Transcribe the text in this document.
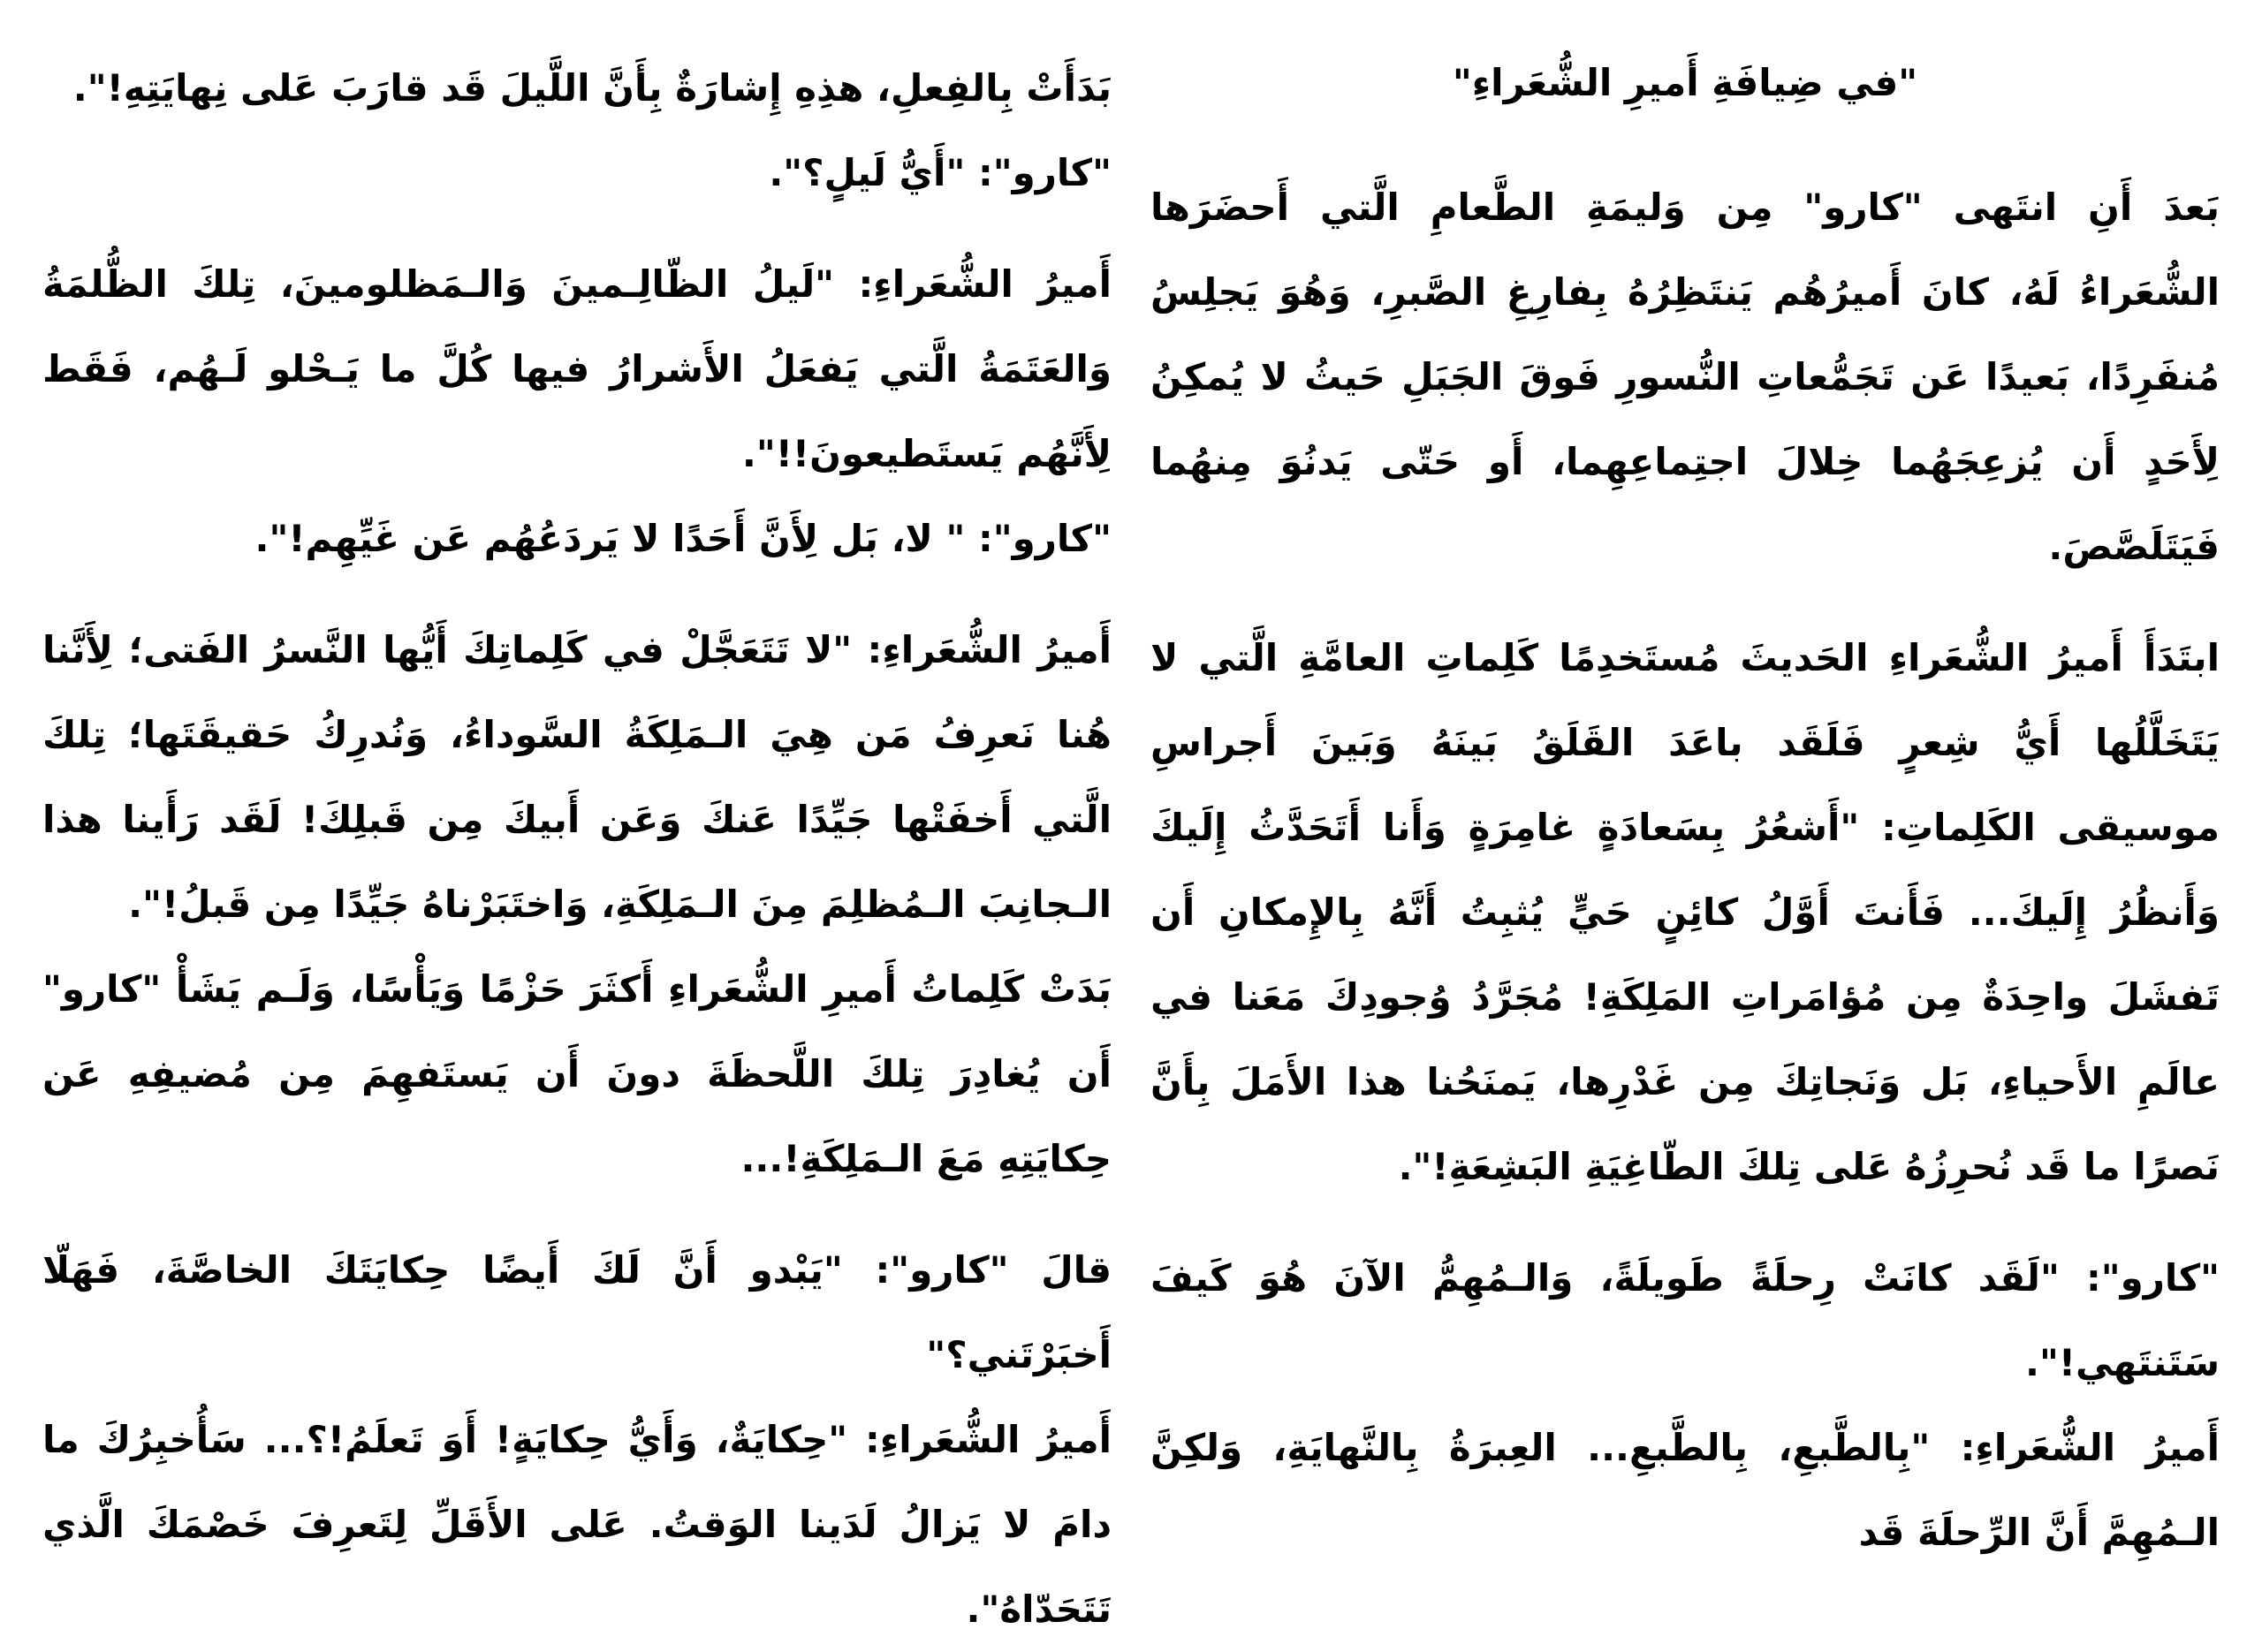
"في ضِيافَةِ أَميرِ الشُّعَراءِ"

بَعدَ أَنِ انتَهى "كارو" مِن وَليمَةِ الطَّعامِ الَّتي أَحضَرَها الشُّعَراءُ لَهُ، كانَ أَميرُهُم يَنتَظِرُهُ بِفارِغِ الصَّبرِ، وَهُوَ يَجلِسُ مُنفَرِدًا، بَعيدًا عَن تَجَمُّعاتِ النُّسورِ فَوقَ الجَبَلِ حَيثُ لا يُمكِنُ لِأَحَدٍ أَن يُزعِجَهُما خِلالَ اجتِماعِهِما، أَو حَتّى يَدنُوَ مِنهُما فَيَتَلَصَّصَ.

ابتَدَأَ أَميرُ الشُّعَراءِ الحَديثَ مُستَخدِمًا كَلِماتِ العامَّةِ الَّتي لا يَتَخَلَّلُها أَيُّ شِعرٍ فَلَقَد باعَدَ القَلَقُ بَينَهُ وَبَينَ أَجراسِ موسيقى الكَلِماتِ: "أَشعُرُ بِسَعادَةٍ غامِرَةٍ وَأَنا أَتَحَدَّثُ إِلَيكَ وَأَنظُرُ إِلَيكَ... فَأَنتَ أَوَّلُ كائِنٍ حَيٍّ يُثبِتُ أَنَّهُ بِالإِمكانِ أَن تَفشَلَ واحِدَةٌ مِن مُؤامَراتِ المَلِكَةِ! مُجَرَّدُ وُجودِكَ مَعَنا في عالَمِ الأَحياءِ، بَل وَنَجاتِكَ مِن غَدْرِها، يَمنَحُنا هذا الأَمَلَ بِأَنَّ نَصرًا ما قَد نُحرِزُهُ عَلى تِلكَ الطّاغِيَةِ البَشِعَةِ!".

"كارو": "لَقَد كانَتْ رِحلَةً طَويلَةً، وَالـمُهِمُّ الآنَ هُوَ كَيفَ سَتَنتَهي!".

أَميرُ الشُّعَراءِ: "بِالطَّبعِ، بِالطَّبعِ... العِبرَةُ بِالنَّهايَةِ، وَلكِنَّ الـمُهِمَّ أَنَّ الرِّحلَةَ قَد

بَدَأَتْ بِالفِعلِ، هذِهِ إِشارَةٌ بِأَنَّ اللَّيلَ قَد قارَبَ عَلى نِهايَتِهِ!".

"كارو": "أَيُّ لَيلٍ؟".

أَميرُ الشُّعَراءِ: "لَيلُ الظّالِـمينَ وَالـمَظلومينَ، تِلكَ الظُّلمَةُ وَالعَتَمَةُ الَّتي يَفعَلُ الأَشرارُ فيها كُلَّ ما يَـحْلو لَـهُم، فَقَط لِأَنَّهُم يَستَطيعونَ!!".

"كارو": " لا، بَل لِأَنَّ أَحَدًا لا يَردَعُهُم عَن غَيِّهِم!".

أَميرُ الشُّعَراءِ: "لا تَتَعَجَّلْ في كَلِماتِكَ أَيُّها النَّسرُ الفَتى؛ لِأَنَّنا هُنا نَعرِفُ مَن هِيَ الـمَلِكَةُ السَّوداءُ، وَنُدرِكُ حَقيقَتَها؛ تِلكَ الَّتي أَخفَتْها جَيِّدًا عَنكَ وَعَن أَبيكَ مِن قَبلِكَ! لَقَد رَأَينا هذا الـجانِبَ الـمُظلِمَ مِنَ الـمَلِكَةِ، وَاختَبَرْناهُ جَيِّدًا مِن قَبلُ!".

بَدَتْ كَلِماتُ أَميرِ الشُّعَراءِ أَكثَرَ حَزْمًا وَيَأْسًا، وَلَـم يَشَأْ "كارو" أَن يُغادِرَ تِلكَ اللَّحظَةَ دونَ أَن يَستَفهِمَ مِن مُضيفِهِ عَن حِكايَتِهِ مَعَ الـمَلِكَةِ!...

قالَ "كارو": "يَبْدو أَنَّ لَكَ أَيضًا حِكايَتَكَ الخاصَّةَ، فَهَلّا أَخبَرْتَني؟"

أَميرُ الشُّعَراءِ: "حِكايَةٌ، وَأَيُّ حِكايَةٍ! أَوَ تَعلَمُ!؟... سَأُخبِرُكَ ما دامَ لا يَزالُ لَدَينا الوَقتُ. عَلى الأَقَلِّ لِتَعرِفَ خَصْمَكَ الَّذي تَتَحَدّاهُ".
